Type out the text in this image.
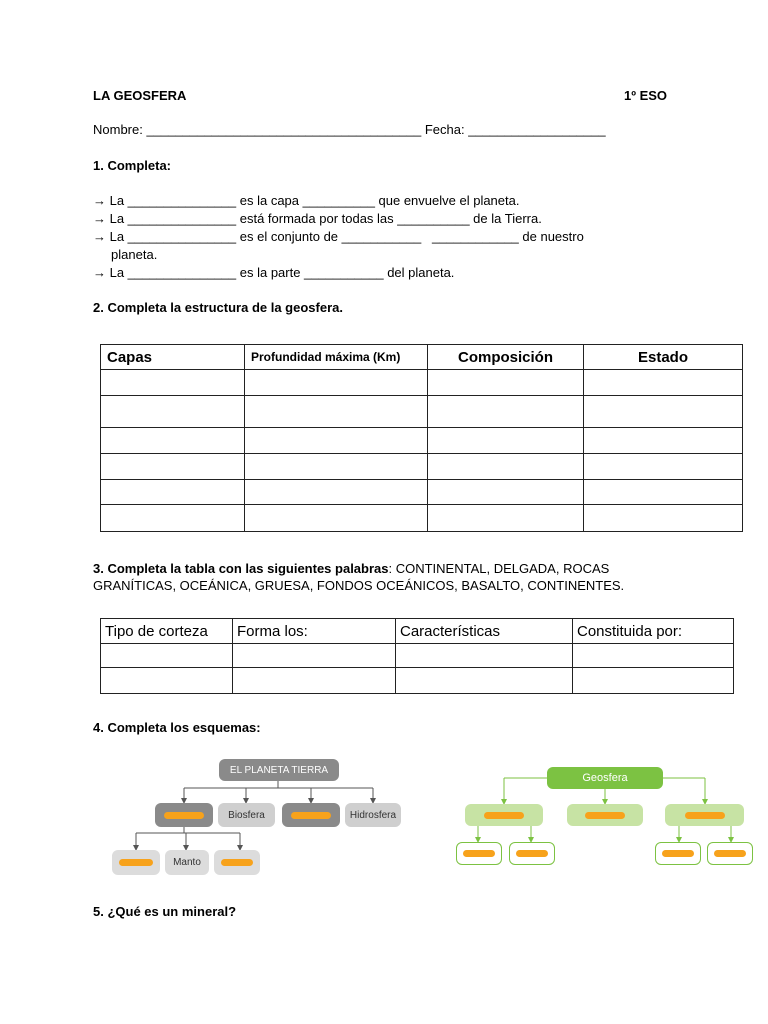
LA GEOSFERA	1º ESO
Nombre: ______________________________________ Fecha: ___________________
1. Completa:
→ La _______________ es la capa __________ que envuelve el planeta.
→ La _______________ está formada por todas las __________ de la Tierra.
→ La _______________ es el conjunto de ___________   ____________ de nuestro
planeta.
→ La _______________ es la parte ___________ del planeta.
2. Completa la estructura de la geosfera.
Capas	Profundidad máxima (Km)	Composición	Estado

3. Completa la tabla con las siguientes palabras: CONTINENTAL, DELGADA, ROCAS
GRANÍTICAS, OCEÁNICA, GRUESA, FONDOS OCEÁNICOS, BASALTO, CONTINENTES.
Tipo de corteza	Forma los:	Características	Constituida por:

4. Completa los esquemas:
EL PLANETA TIERRA
Biosfera	Hidrosfera
Manto
Geosfera
5. ¿Qué es un mineral?
